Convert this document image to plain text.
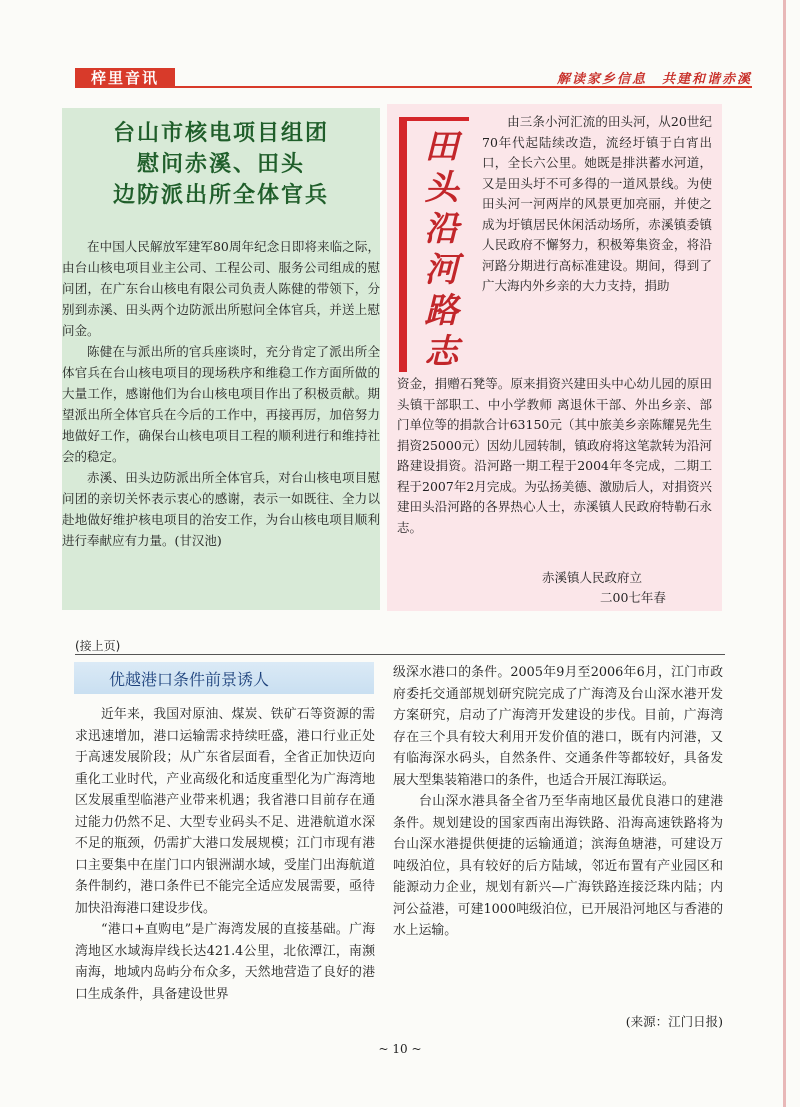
梓里音讯	解读家乡信息　共建和谐赤溪
台山市核电项目组团
慰问赤溪、田头
边防派出所全体官兵

在中国人民解放军建军80周年纪念日即将来临之际，由台山核电项目业主公司、工程公司、服务公司组成的慰问团，在广东台山核电有限公司负责人陈健的带领下，分别到赤溪、田头两个边防派出所慰问全体官兵，并送上慰问金。

陈健在与派出所的官兵座谈时，充分肯定了派出所全体官兵在台山核电项目的现场秩序和维稳工作方面所做的大量工作，感谢他们为台山核电项目作出了积极贡献。期望派出所全体官兵在今后的工作中，再接再厉，加倍努力地做好工作，确保台山核电项目工程的顺利进行和维持社会的稳定。

赤溪、田头边防派出所全体官兵，对台山核电项目慰问团的亲切关怀表示衷心的感谢，表示一如既往、全力以赴地做好维护核电项目的治安工作，为台山核电项目顺利进行奉献应有力量。(甘汉池)

田
头
沿
河
路
志

　　由三条小河汇流的田头河，从20世纪70年代起陆续改造，流经圩镇于白宵出口，全长六公里。她既是排洪蓄水河道，又是田头圩不可多得的一道风景线。为使田头河一河两岸的风景更加亮丽，并使之成为圩镇居民休闲活动场所，赤溪镇委镇人民政府不懈努力，积极筹集资金，将沿河路分期进行高标准建设。期间，得到了广大海内外乡亲的大力支持，捐助

资金，捐赠石凳等。原来捐资兴建田头中心幼儿园的原田头镇干部职工、中小学教师 离退休干部、外出乡亲、部门单位等的捐款合计63150元（其中旅美乡亲陈耀晃先生捐资25000元）因幼儿园转制，镇政府将这笔款转为沿河路建设捐资。沿河路一期工程于2004年冬完成，二期工程于2007年2月完成。为弘扬美德、激励后人，对捐资兴建田头沿河路的各界热心人士，赤溪镇人民政府特勒石永志。

赤溪镇人民政府立
二00七年春
(接上页)
优越港口条件前景诱人

近年来，我国对原油、煤炭、铁矿石等资源的需求迅速增加，港口运输需求持续旺盛，港口行业正处于高速发展阶段；从广东省层面看，全省正加快迈向重化工业时代，产业高级化和适度重型化为广海湾地区发展重型临港产业带来机遇；我省港口目前存在通过能力仍然不足、大型专业码头不足、进港航道水深不足的瓶颈，仍需扩大港口发展规模；江门市现有港口主要集中在崖门口内银洲湖水域，受崖门出海航道条件制约，港口条件已不能完全适应发展需要，亟待加快沿海港口建设步伐。

“港口+直购电”是广海湾发展的直接基础。广海湾地区水域海岸线长达421.4公里，北依潭江，南濒南海，地域内岛屿分布众多，天然地营造了良好的港口生成条件，具备建设世界

级深水港口的条件。2005年9月至2006年6月，江门市政府委托交通部规划研究院完成了广海湾及台山深水港开发方案研究，启动了广海湾开发建设的步伐。目前，广海湾存在三个具有较大利用开发价值的港口，既有内河港，又有临海深水码头，自然条件、交通条件等都较好，具备发展大型集装箱港口的条件，也适合开展江海联运。

台山深水港具备全省乃至华南地区最优良港口的建港条件。规划建设的国家西南出海铁路、沿海高速铁路将为台山深水港提供便捷的运输通道；滨海鱼塘港，可建设万吨级泊位，具有较好的后方陆域，邻近布置有产业园区和能源动力企业，规划有新兴—广海铁路连接泛珠内陆；内河公益港，可建1000吨级泊位，已开展沿河地区与香港的水上运输。

(来源：江门日报)
~ 10 ~
